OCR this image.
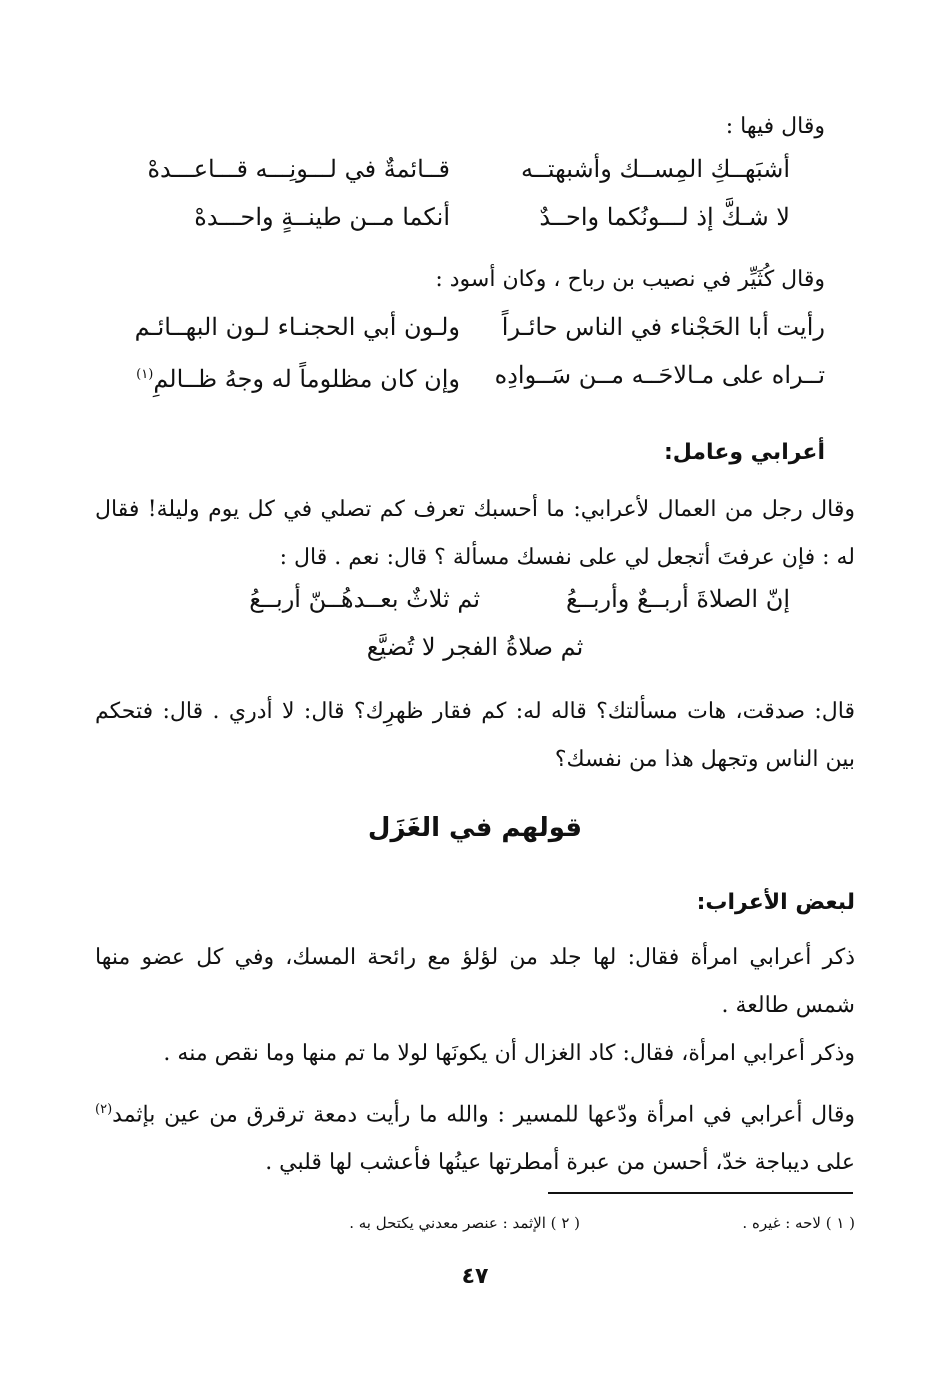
وقال فيها :
أشبَهــكِ المِســك وأشبهتــه
قــائمةٌ في لـــونِـــه قـــاعـــدهْ
لا شـكَّ إذ لـــونُكما واحــدٌ
أنكما مــن طينــةٍ واحـــدهْ
وقال كُثَيِّر في نصيب بن رباح ، وكان أسود :
رأيت أبا الحَجْناء في الناس حائـراً
ولـون أبي الحجنـاء لـون البهــائـم
تــراه على مـالاحَــه مــن سَــوادِه
وإن كان مظلوماً له وجهُ ظــالمِ$^{(١)}$
أعرابي وعامل:
وقال رجل من العمال لأعرابي: ما أحسبك تعرف كم تصلي في كل يوم وليلة! فقال له : فإن عرفتَ أتجعل لي على نفسك مسألة ؟ قال: نعم . قال :
إنّ الصلاةَ أربــعٌ وأربــعُ
ثم ثلاثٌ بعــدهُــنّ أربــعُ
ثم صلاةُ الفجر لا تُضيَّع
قال: صدقت، هات مسألتك؟ قاله له: كم فقار ظهرِك؟ قال: لا أدري . قال: فتحكم بين الناس وتجهل هذا من نفسك؟
قولهم في الغَزَل
لبعض الأعراب:
ذكر أعرابي امرأة فقال: لها جلد من لؤلؤ مع رائحة المسك، وفي كل عضو منها شمس طالعة .
وذكر أعرابي امرأة، فقال: كاد الغزال أن يكونَها لولا ما تم منها وما نقص منه .
وقال أعرابي في امرأة ودّعها للمسير : والله ما رأيت دمعة ترقرق من عين بإثمد$^{(٢)}$ على ديباجة خدّ، أحسن من عبرة أمطرتها عينُها فأعشب لها قلبي .
( ١ ) لاحه : غيره .
( ٢ ) الإثمد : عنصر معدني يكتحل به .
٤٧
